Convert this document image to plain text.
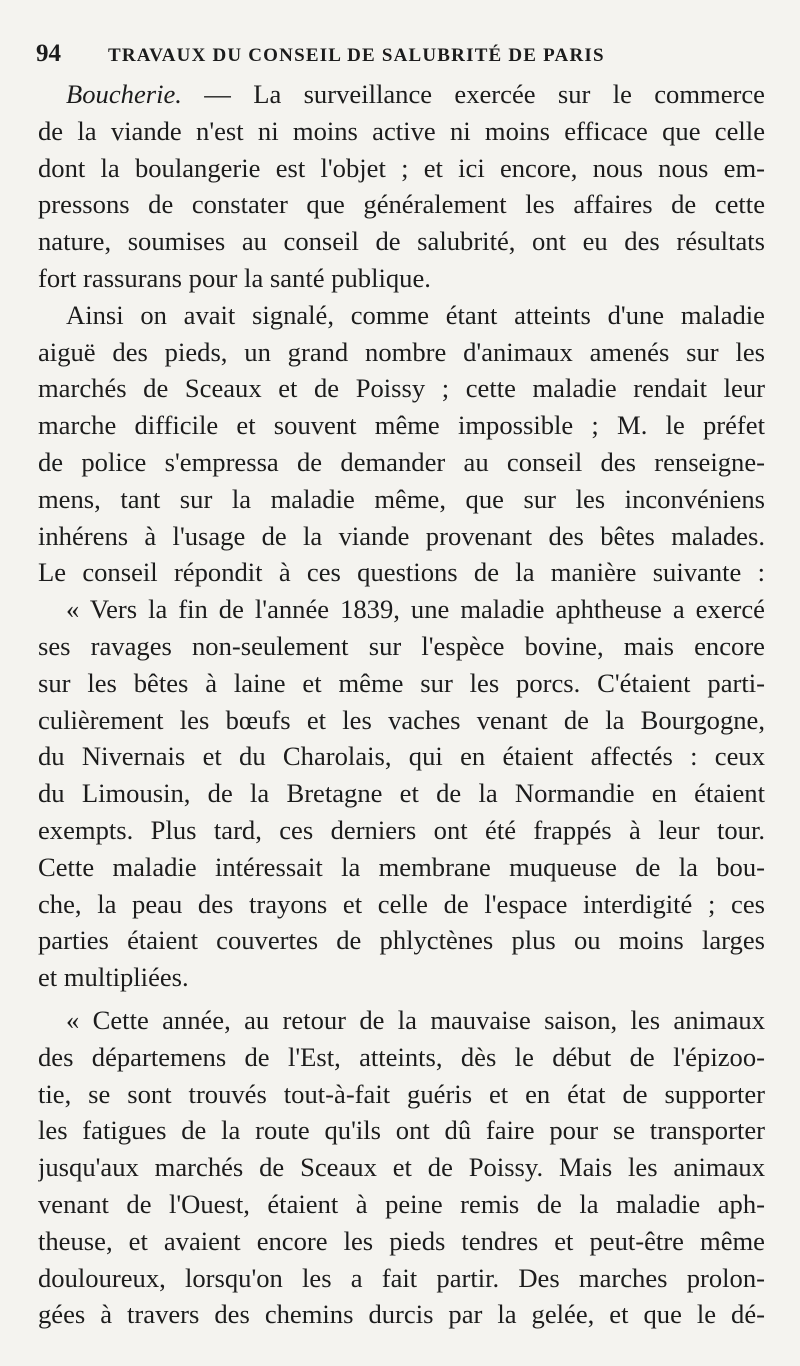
94 TRAVAUX DU CONSEIL DE SALUBRITÉ DE PARIS
Boucherie. — La surveillance exercée sur le commerce
de la viande n'est ni moins active ni moins efficace que celle
dont la boulangerie est l'objet ; et ici encore, nous nous em-
pressons de constater que généralement les affaires de cette
nature, soumises au conseil de salubrité, ont eu des résultats
fort rassurans pour la santé publique.
Ainsi on avait signalé, comme étant atteints d'une maladie
aiguë des pieds, un grand nombre d'animaux amenés sur les
marchés de Sceaux et de Poissy ; cette maladie rendait leur
marche difficile et souvent même impossible ; M. le préfet
de police s'empressa de demander au conseil des renseigne-
mens, tant sur la maladie même, que sur les inconvéniens
inhérens à l'usage de la viande provenant des bêtes malades.
Le conseil répondit à ces questions de la manière suivante :
« Vers la fin de l'année 1839, une maladie aphtheuse a exercé
ses ravages non-seulement sur l'espèce bovine, mais encore
sur les bêtes à laine et même sur les porcs. C'étaient parti-
culièrement les bœufs et les vaches venant de la Bourgogne,
du Nivernais et du Charolais, qui en étaient affectés : ceux
du Limousin, de la Bretagne et de la Normandie en étaient
exempts. Plus tard, ces derniers ont été frappés à leur tour.
Cette maladie intéressait la membrane muqueuse de la bou-
che, la peau des trayons et celle de l'espace interdigité ; ces
parties étaient couvertes de phlyctènes plus ou moins larges
et multipliées.
« Cette année, au retour de la mauvaise saison, les animaux
des départemens de l'Est, atteints, dès le début de l'épizoo-
tie, se sont trouvés tout-à-fait guéris et en état de supporter
les fatigues de la route qu'ils ont dû faire pour se transporter
jusqu'aux marchés de Sceaux et de Poissy. Mais les animaux
venant de l'Ouest, étaient à peine remis de la maladie aph-
theuse, et avaient encore les pieds tendres et peut-être même
douloureux, lorsqu'on les a fait partir. Des marches prolon-
gées à travers des chemins durcis par la gelée, et que le dé-
